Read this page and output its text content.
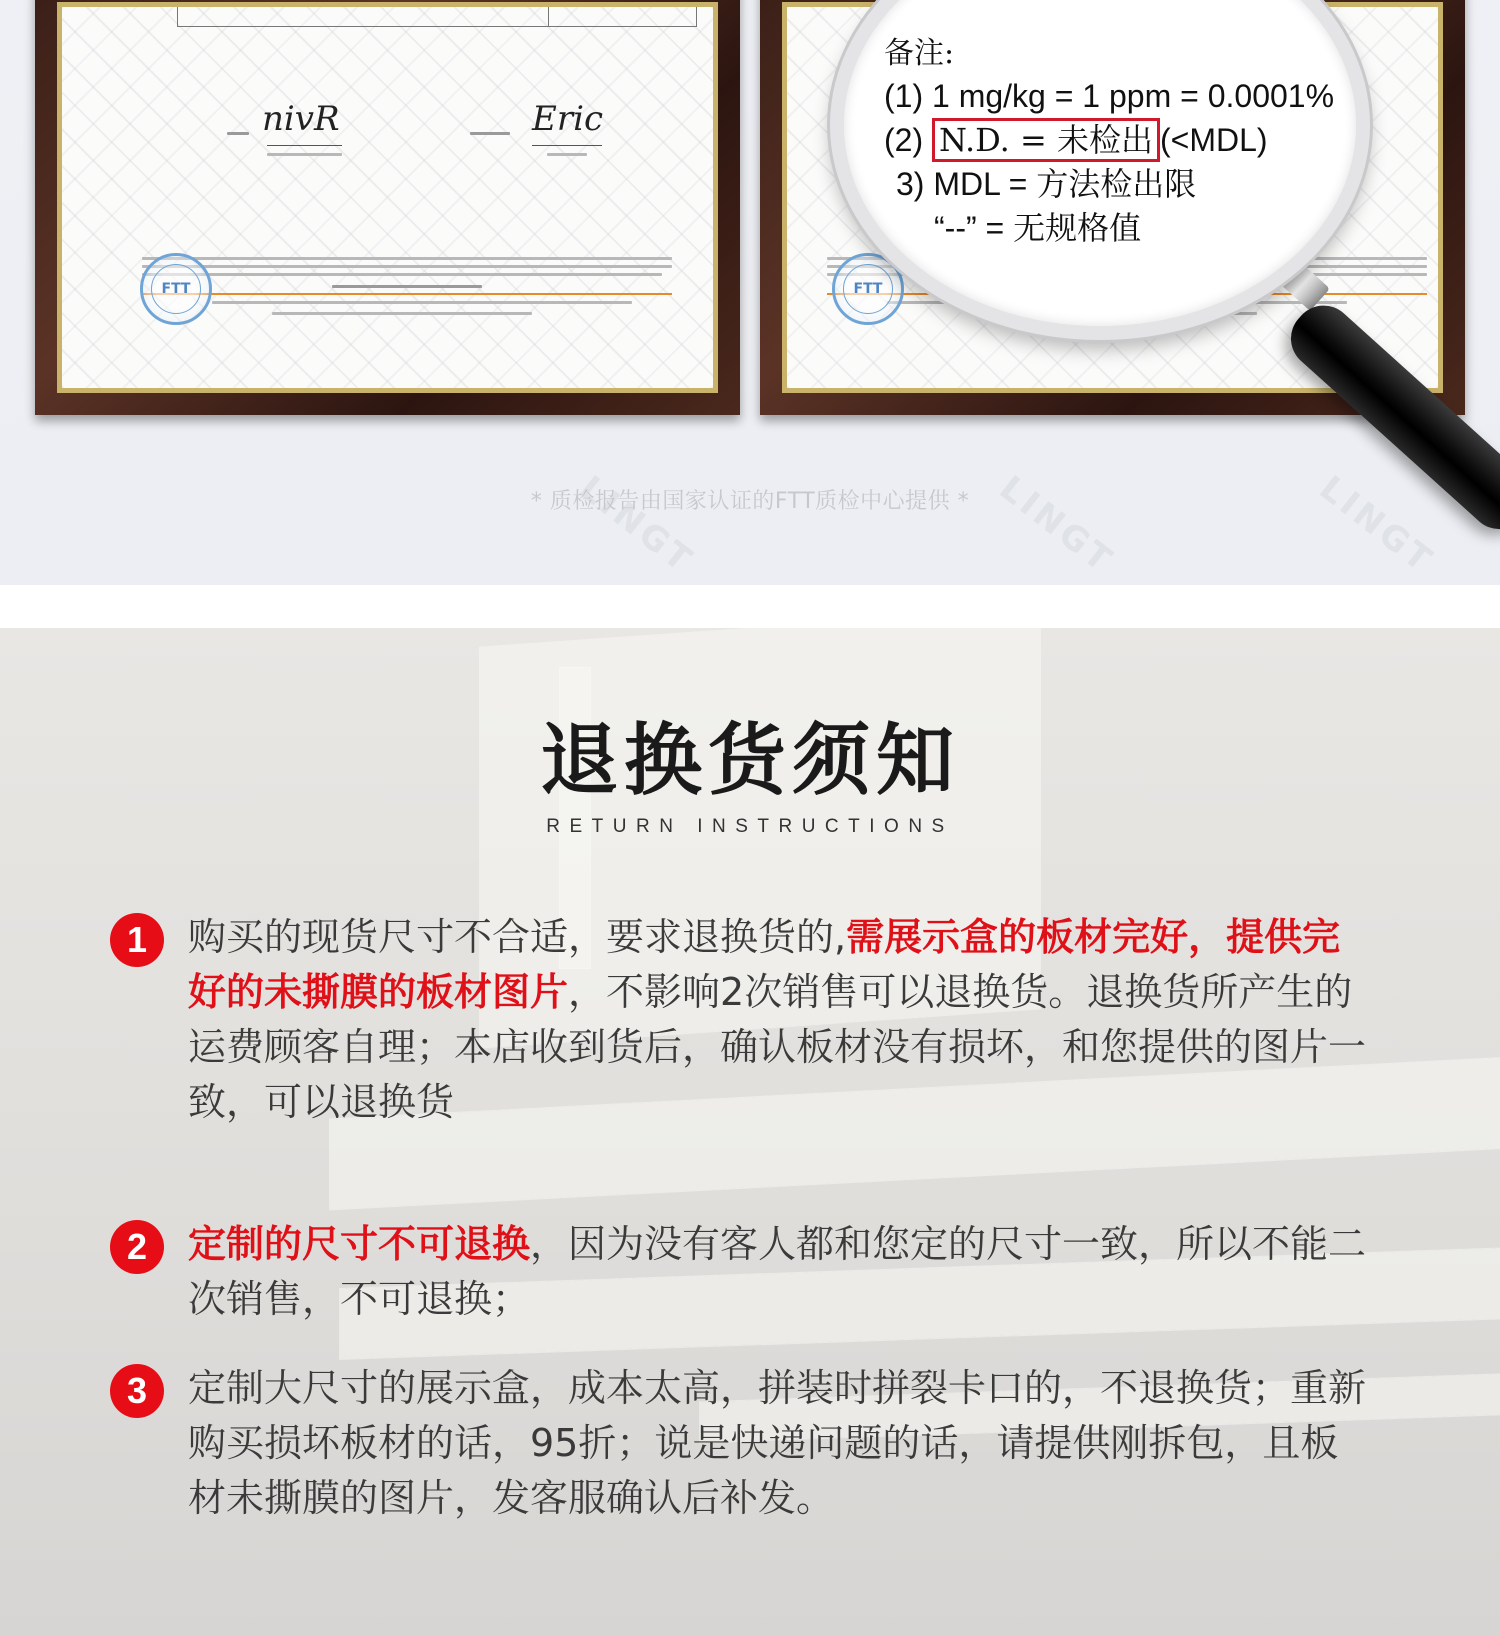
LINGT	LINGT	LINGT
nivR	Eric
FTT	FTT
备注:
(1) 1 mg/kg = 1 ppm = 0.0001%
(2) N.D. = 未检出 (<MDL)
3) MDL = 方法检出限
“--” = 无规格值
* 质检报告由国家认证的FTT质检中心提供 *
退换货须知
RETURN INSTRUCTIONS
1	购买的现货尺寸不合适，要求退换货的,需展示盒的板材完好，提供完好的未撕膜的板材图片，不影响2次销售可以退换货。退换货所产生的运费顾客自理；本店收到货后，确认板材没有损坏，和您提供的图片一致，可以退换货
2	定制的尺寸不可退换，因为没有客人都和您定的尺寸一致，所以不能二次销售，不可退换；
3	定制大尺寸的展示盒，成本太高，拼装时拼裂卡口的，不退换货；重新购买损坏板材的话，95折；说是快递问题的话，请提供刚拆包，且板材未撕膜的图片，发客服确认后补发。
